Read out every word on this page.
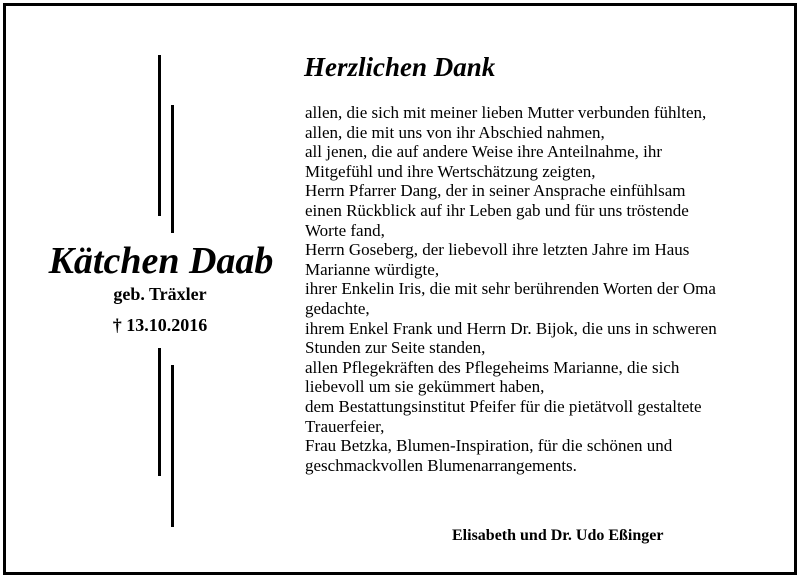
Kätchen Daab
geb. Träxler
† 13.10.2016
Herzlichen Dank
allen, die sich mit meiner lieben Mutter verbunden fühlten,
allen, die mit uns von ihr Abschied nahmen,
all jenen, die auf andere Weise ihre Anteilnahme, ihr
Mitgefühl und ihre Wertschätzung zeigten,
Herrn Pfarrer Dang, der in seiner Ansprache einfühlsam
einen Rückblick auf ihr Leben gab und für uns tröstende
Worte fand,
Herrn Goseberg, der liebevoll ihre letzten Jahre im Haus
Marianne würdigte,
ihrer Enkelin Iris, die mit sehr berührenden Worten der Oma
gedachte,
ihrem Enkel Frank und Herrn Dr. Bijok, die uns in schweren
Stunden zur Seite standen,
allen Pflegekräften des Pflegeheims Marianne, die sich
liebevoll um sie gekümmert haben,
dem Bestattungsinstitut Pfeifer für die pietätvoll gestaltete
Trauerfeier,
Frau Betzka, Blumen-Inspiration, für die schönen und
geschmackvollen Blumenarrangements.
Elisabeth und Dr. Udo Eßinger
